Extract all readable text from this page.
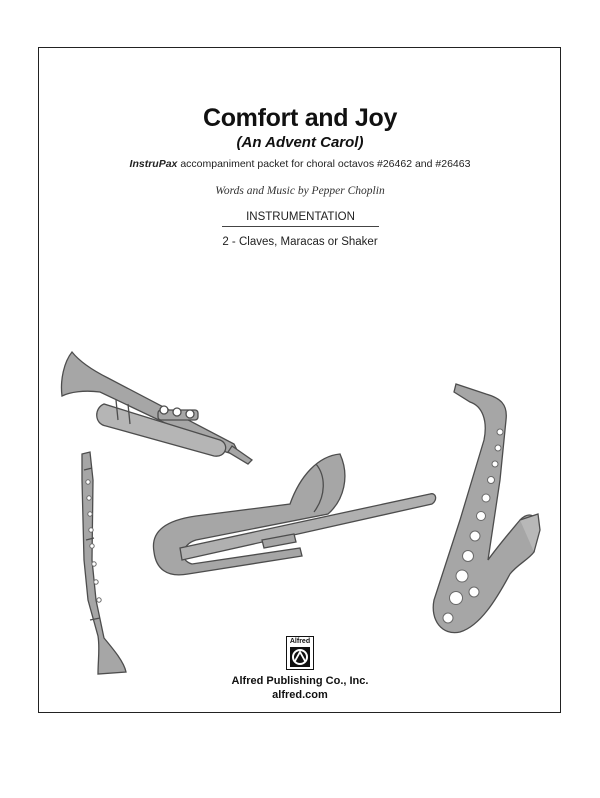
Comfort and Joy
(An Advent Carol)
InstruPax accompaniment packet for choral octavos #26462 and #26463
Words and Music by Pepper Choplin
INSTRUMENTATION
2 - Claves, Maracas or Shaker
Alfred
Alfred Publishing Co., Inc.
alfred.com
